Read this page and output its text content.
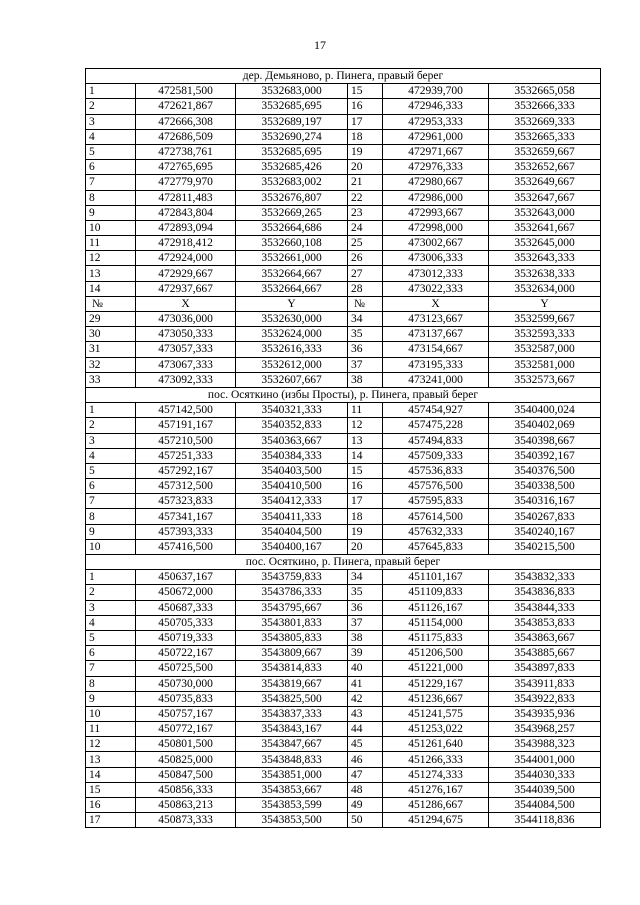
17
дер. Демьяново, р. Пинега, правый берег					
1	472581,500	3532683,000	15	472939,700	3532665,058
2	472621,867	3532685,695	16	472946,333	3532666,333
3	472666,308	3532689,197	17	472953,333	3532669,333
4	472686,509	3532690,274	18	472961,000	3532665,333
5	472738,761	3532685,695	19	472971,667	3532659,667
6	472765,695	3532685,426	20	472976,333	3532652,667
7	472779,970	3532683,002	21	472980,667	3532649,667
8	472811,483	3532676,807	22	472986,000	3532647,667
9	472843,804	3532669,265	23	472993,667	3532643,000
10	472893,094	3532664,686	24	472998,000	3532641,667
11	472918,412	3532660,108	25	473002,667	3532645,000
12	472924,000	3532661,000	26	473006,333	3532643,333
13	472929,667	3532664,667	27	473012,333	3532638,333
14	472937,667	3532664,667	28	473022,333	3532634,000
№	X	Y	№	X	Y
29	473036,000	3532630,000	34	473123,667	3532599,667
30	473050,333	3532624,000	35	473137,667	3532593,333
31	473057,333	3532616,333	36	473154,667	3532587,000
32	473067,333	3532612,000	37	473195,333	3532581,000
33	473092,333	3532607,667	38	473241,000	3532573,667
пос. Осяткино (избы Просты), р. Пинега, правый берег					
1	457142,500	3540321,333	11	457454,927	3540400,024
2	457191,167	3540352,833	12	457475,228	3540402,069
3	457210,500	3540363,667	13	457494,833	3540398,667
4	457251,333	3540384,333	14	457509,333	3540392,167
5	457292,167	3540403,500	15	457536,833	3540376,500
6	457312,500	3540410,500	16	457576,500	3540338,500
7	457323,833	3540412,333	17	457595,833	3540316,167
8	457341,167	3540411,333	18	457614,500	3540267,833
9	457393,333	3540404,500	19	457632,333	3540240,167
10	457416,500	3540400,167	20	457645,833	3540215,500
пос. Осяткино, р. Пинега, правый берег					
1	450637,167	3543759,833	34	451101,167	3543832,333
2	450672,000	3543786,333	35	451109,833	3543836,833
3	450687,333	3543795,667	36	451126,167	3543844,333
4	450705,333	3543801,833	37	451154,000	3543853,833
5	450719,333	3543805,833	38	451175,833	3543863,667
6	450722,167	3543809,667	39	451206,500	3543885,667
7	450725,500	3543814,833	40	451221,000	3543897,833
8	450730,000	3543819,667	41	451229,167	3543911,833
9	450735,833	3543825,500	42	451236,667	3543922,833
10	450757,167	3543837,333	43	451241,575	3543935,936
11	450772,167	3543843,167	44	451253,022	3543968,257
12	450801,500	3543847,667	45	451261,640	3543988,323
13	450825,000	3543848,833	46	451266,333	3544001,000
14	450847,500	3543851,000	47	451274,333	3544030,333
15	450856,333	3543853,667	48	451276,167	3544039,500
16	450863,213	3543853,599	49	451286,667	3544084,500
17	450873,333	3543853,500	50	451294,675	3544118,836
